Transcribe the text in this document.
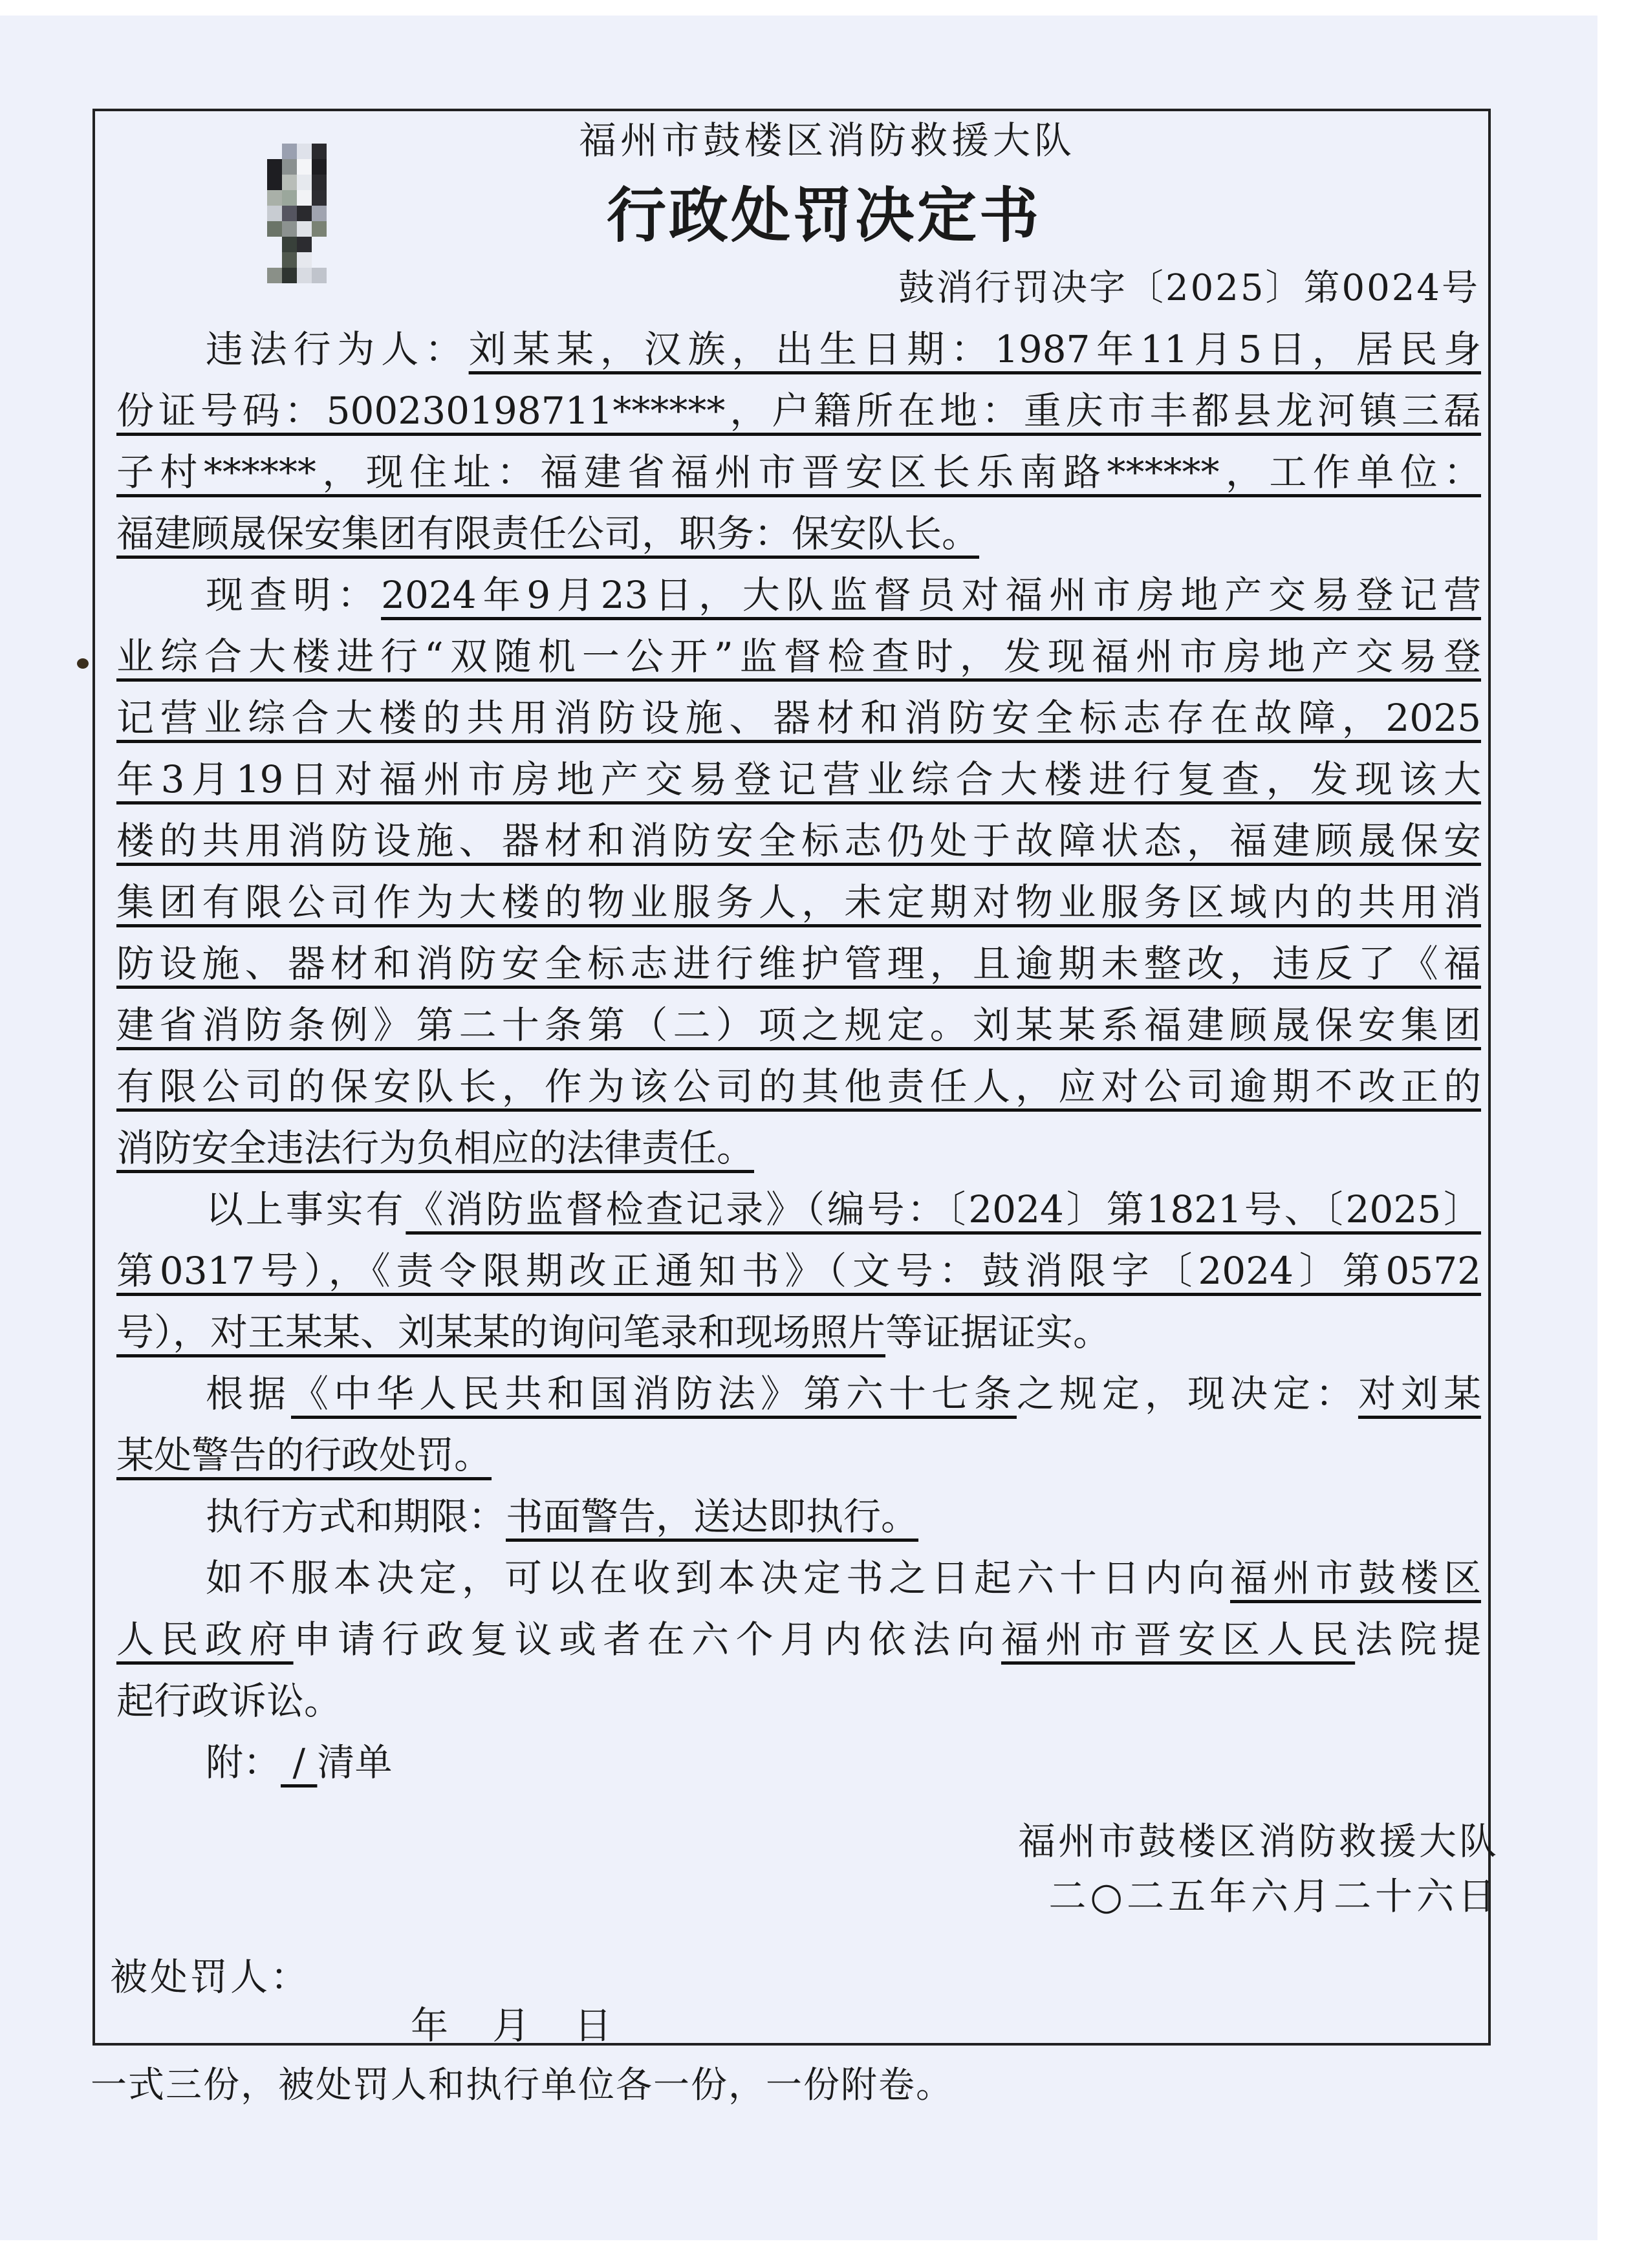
福州市鼓楼区消防救援大队
行政处罚决定书
鼓消行罚决字〔2025〕第0024号
违法行为人：刘某某，汉族，出生日期：1987年11月5日，居民身
份证号码：500230198711******，户籍所在地：重庆市丰都县龙河镇三磊
子村******，现住址：福建省福州市晋安区长乐南路******，工作单位：
福建顾晟保安集团有限责任公司，职务：保安队长。
现查明：2024年9月23日，大队监督员对福州市房地产交易登记营
业综合大楼进行“双随机一公开”监督检查时，发现福州市房地产交易登
记营业综合大楼的共用消防设施、器材和消防安全标志存在故障，2025
年3月19日对福州市房地产交易登记营业综合大楼进行复查，发现该大
楼的共用消防设施、器材和消防安全标志仍处于故障状态，福建顾晟保安
集团有限公司作为大楼的物业服务人，未定期对物业服务区域内的共用消
防设施、器材和消防安全标志进行维护管理，且逾期未整改，违反了《福
建省消防条例》第二十条第（二）项之规定。刘某某系福建顾晟保安集团
有限公司的保安队长，作为该公司的其他责任人，应对公司逾期不改正的
消防安全违法行为负相应的法律责任。
以上事实有《消防监督检查记录》（编号：〔2024〕第1821号、〔2025〕
第0317号），《责令限期改正通知书》（文号：鼓消限字〔2024〕第0572
号），对王某某、刘某某的询问笔录和现场照片等证据证实。
根据《中华人民共和国消防法》第六十七条之规定，现决定：对刘某
某处警告的行政处罚。
执行方式和期限：书面警告，送达即执行。
如不服本决定，可以在收到本决定书之日起六十日内向福州市鼓楼区
人民政府申请行政复议或者在六个月内依法向福州市晋安区人民法院提
起行政诉讼。
附： / 清单
福州市鼓楼区消防救援大队
二○二五年六月二十六日
被处罚人：
年 月 日
一式三份，被处罚人和执行单位各一份，一份附卷。
